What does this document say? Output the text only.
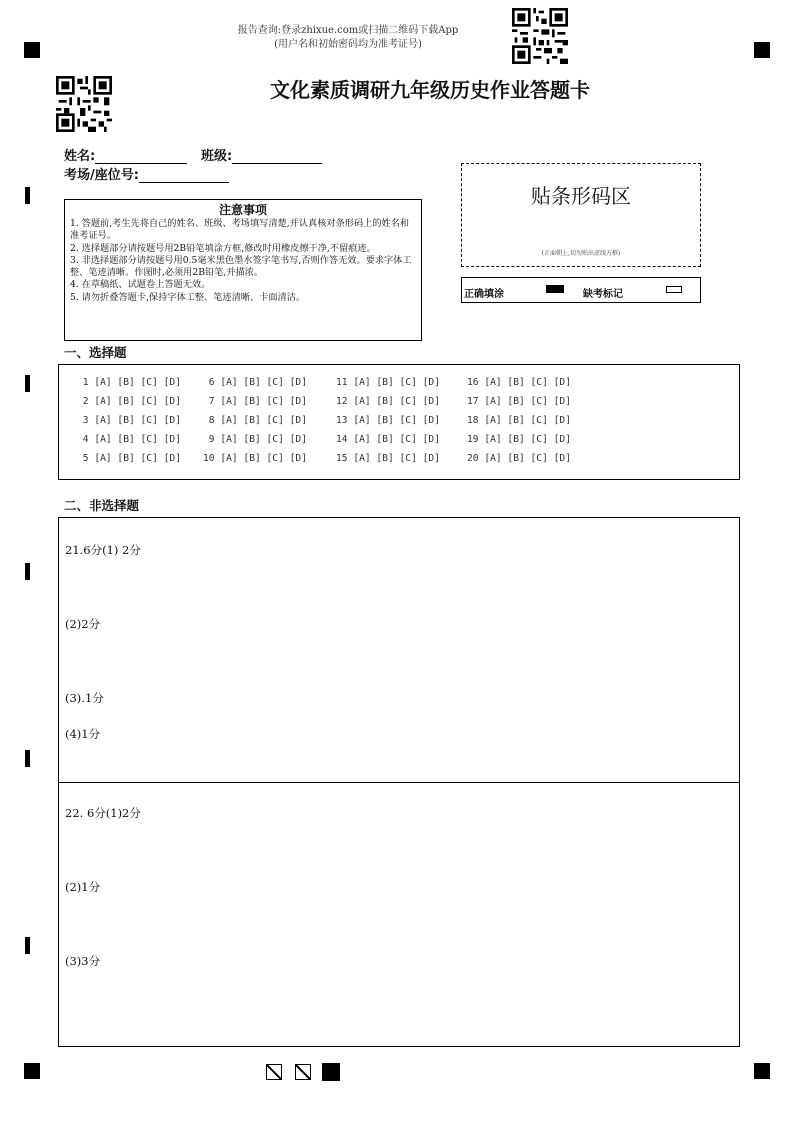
报告查询:登录zhixue.com或扫描二维码下载App
(用户名和初始密码均为准考证号)
文化素质调研九年级历史作业答题卡
姓名:	班级:
考场/座位号:
注意事项
1. 答题前,考生先将自己的姓名、班级、考场填写清楚,并认真核对条形码上的姓名和准考证号。
2. 选择题部分请按题号用2B铅笔填涂方框,修改时用橡皮擦干净,不留痕迹。
3. 非选择题部分请按题号用0.5毫米黑色墨水签字笔书写,否则作答无效。要求字体工整、笔迹清晰。作图时,必须用2B铅笔,并描浓。
4. 在草稿纸、试题卷上答题无效。
5. 请勿折叠答题卡,保持字体工整、笔迹清晰、卡面清洁。
贴条形码区
(正面朝上,切勿贴出虚线方框)
正确填涂	缺考标记
一、选择题
1 [A] [B] [C] [D] 6 [A] [B] [C] [D]	11 [A] [B] [C] [D]	16 [A] [B] [C] [D]
2 [A] [B] [C] [D] 7 [A] [B] [C] [D]	12 [A] [B] [C] [D]	17 [A] [B] [C] [D]
3 [A] [B] [C] [D] 8 [A] [B] [C] [D]	13 [A] [B] [C] [D]	18 [A] [B] [C] [D]
4 [A] [B] [C] [D] 9 [A] [B] [C] [D]	14 [A] [B] [C] [D]	19 [A] [B] [C] [D]
5 [A] [B] [C] [D] 10 [A] [B] [C] [D]	15 [A] [B] [C] [D]	20 [A] [B] [C] [D]
二、非选择题
21.6分(1) 2分
(2)2分
(3).1分
(4)1分
22. 6分(1)2分
(2)1分
(3)3分
